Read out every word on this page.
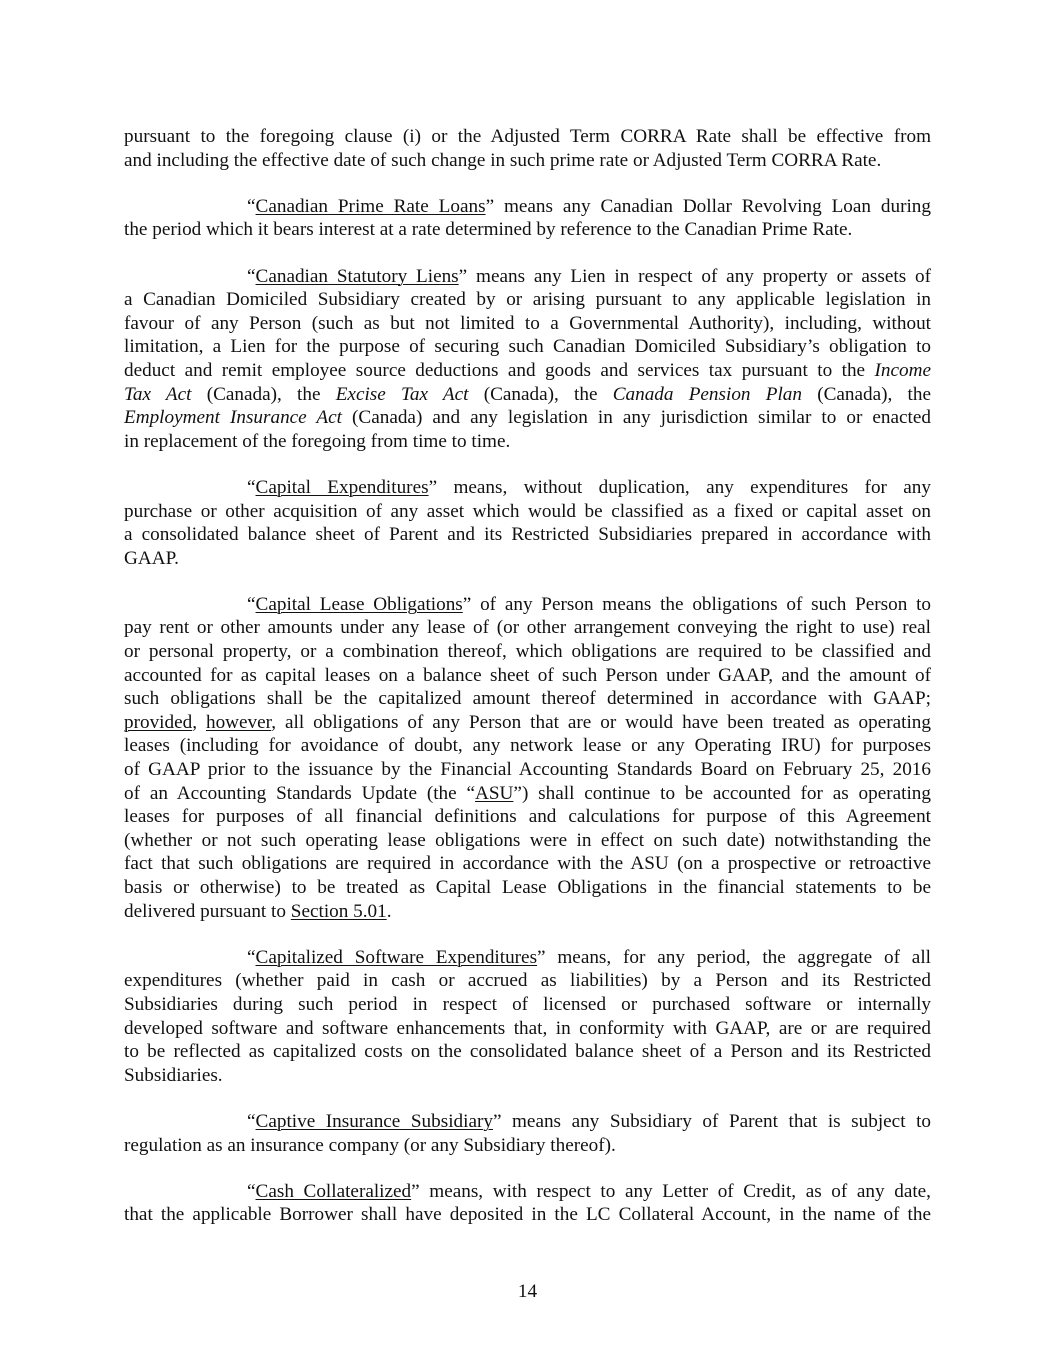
pursuant to the foregoing clause (i) or the Adjusted Term CORRA Rate shall be effective from
and including the effective date of such change in such prime rate or Adjusted Term CORRA Rate.
“Canadian Prime Rate Loans” means any Canadian Dollar Revolving Loan during
the period which it bears interest at a rate determined by reference to the Canadian Prime Rate.
“Canadian Statutory Liens” means any Lien in respect of any property or assets of
a Canadian Domiciled Subsidiary created by or arising pursuant to any applicable legislation in
favour of any Person (such as but not limited to a Governmental Authority), including, without
limitation, a Lien for the purpose of securing such Canadian Domiciled Subsidiary’s obligation to
deduct and remit employee source deductions and goods and services tax pursuant to the Income
Tax Act (Canada), the Excise Tax Act (Canada), the Canada Pension Plan (Canada), the
Employment Insurance Act (Canada) and any legislation in any jurisdiction similar to or enacted
in replacement of the foregoing from time to time.
“Capital Expenditures” means, without duplication, any expenditures for any
purchase or other acquisition of any asset which would be classified as a fixed or capital asset on
a consolidated balance sheet of Parent and its Restricted Subsidiaries prepared in accordance with
GAAP.
“Capital Lease Obligations” of any Person means the obligations of such Person to
pay rent or other amounts under any lease of (or other arrangement conveying the right to use) real
or personal property, or a combination thereof, which obligations are required to be classified and
accounted for as capital leases on a balance sheet of such Person under GAAP, and the amount of
such obligations shall be the capitalized amount thereof determined in accordance with GAAP;
provided, however, all obligations of any Person that are or would have been treated as operating
leases (including for avoidance of doubt, any network lease or any Operating IRU) for purposes
of GAAP prior to the issuance by the Financial Accounting Standards Board on February 25, 2016
of an Accounting Standards Update (the “ASU”) shall continue to be accounted for as operating
leases for purposes of all financial definitions and calculations for purpose of this Agreement
(whether or not such operating lease obligations were in effect on such date) notwithstanding the
fact that such obligations are required in accordance with the ASU (on a prospective or retroactive
basis or otherwise) to be treated as Capital Lease Obligations in the financial statements to be
delivered pursuant to Section 5.01.
“Capitalized Software Expenditures” means, for any period, the aggregate of all
expenditures (whether paid in cash or accrued as liabilities) by a Person and its Restricted
Subsidiaries during such period in respect of licensed or purchased software or internally
developed software and software enhancements that, in conformity with GAAP, are or are required
to be reflected as capitalized costs on the consolidated balance sheet of a Person and its Restricted
Subsidiaries.
“Captive Insurance Subsidiary” means any Subsidiary of Parent that is subject to
regulation as an insurance company (or any Subsidiary thereof).
“Cash Collateralized” means, with respect to any Letter of Credit, as of any date,
that the applicable Borrower shall have deposited in the LC Collateral Account, in the name of the
14
